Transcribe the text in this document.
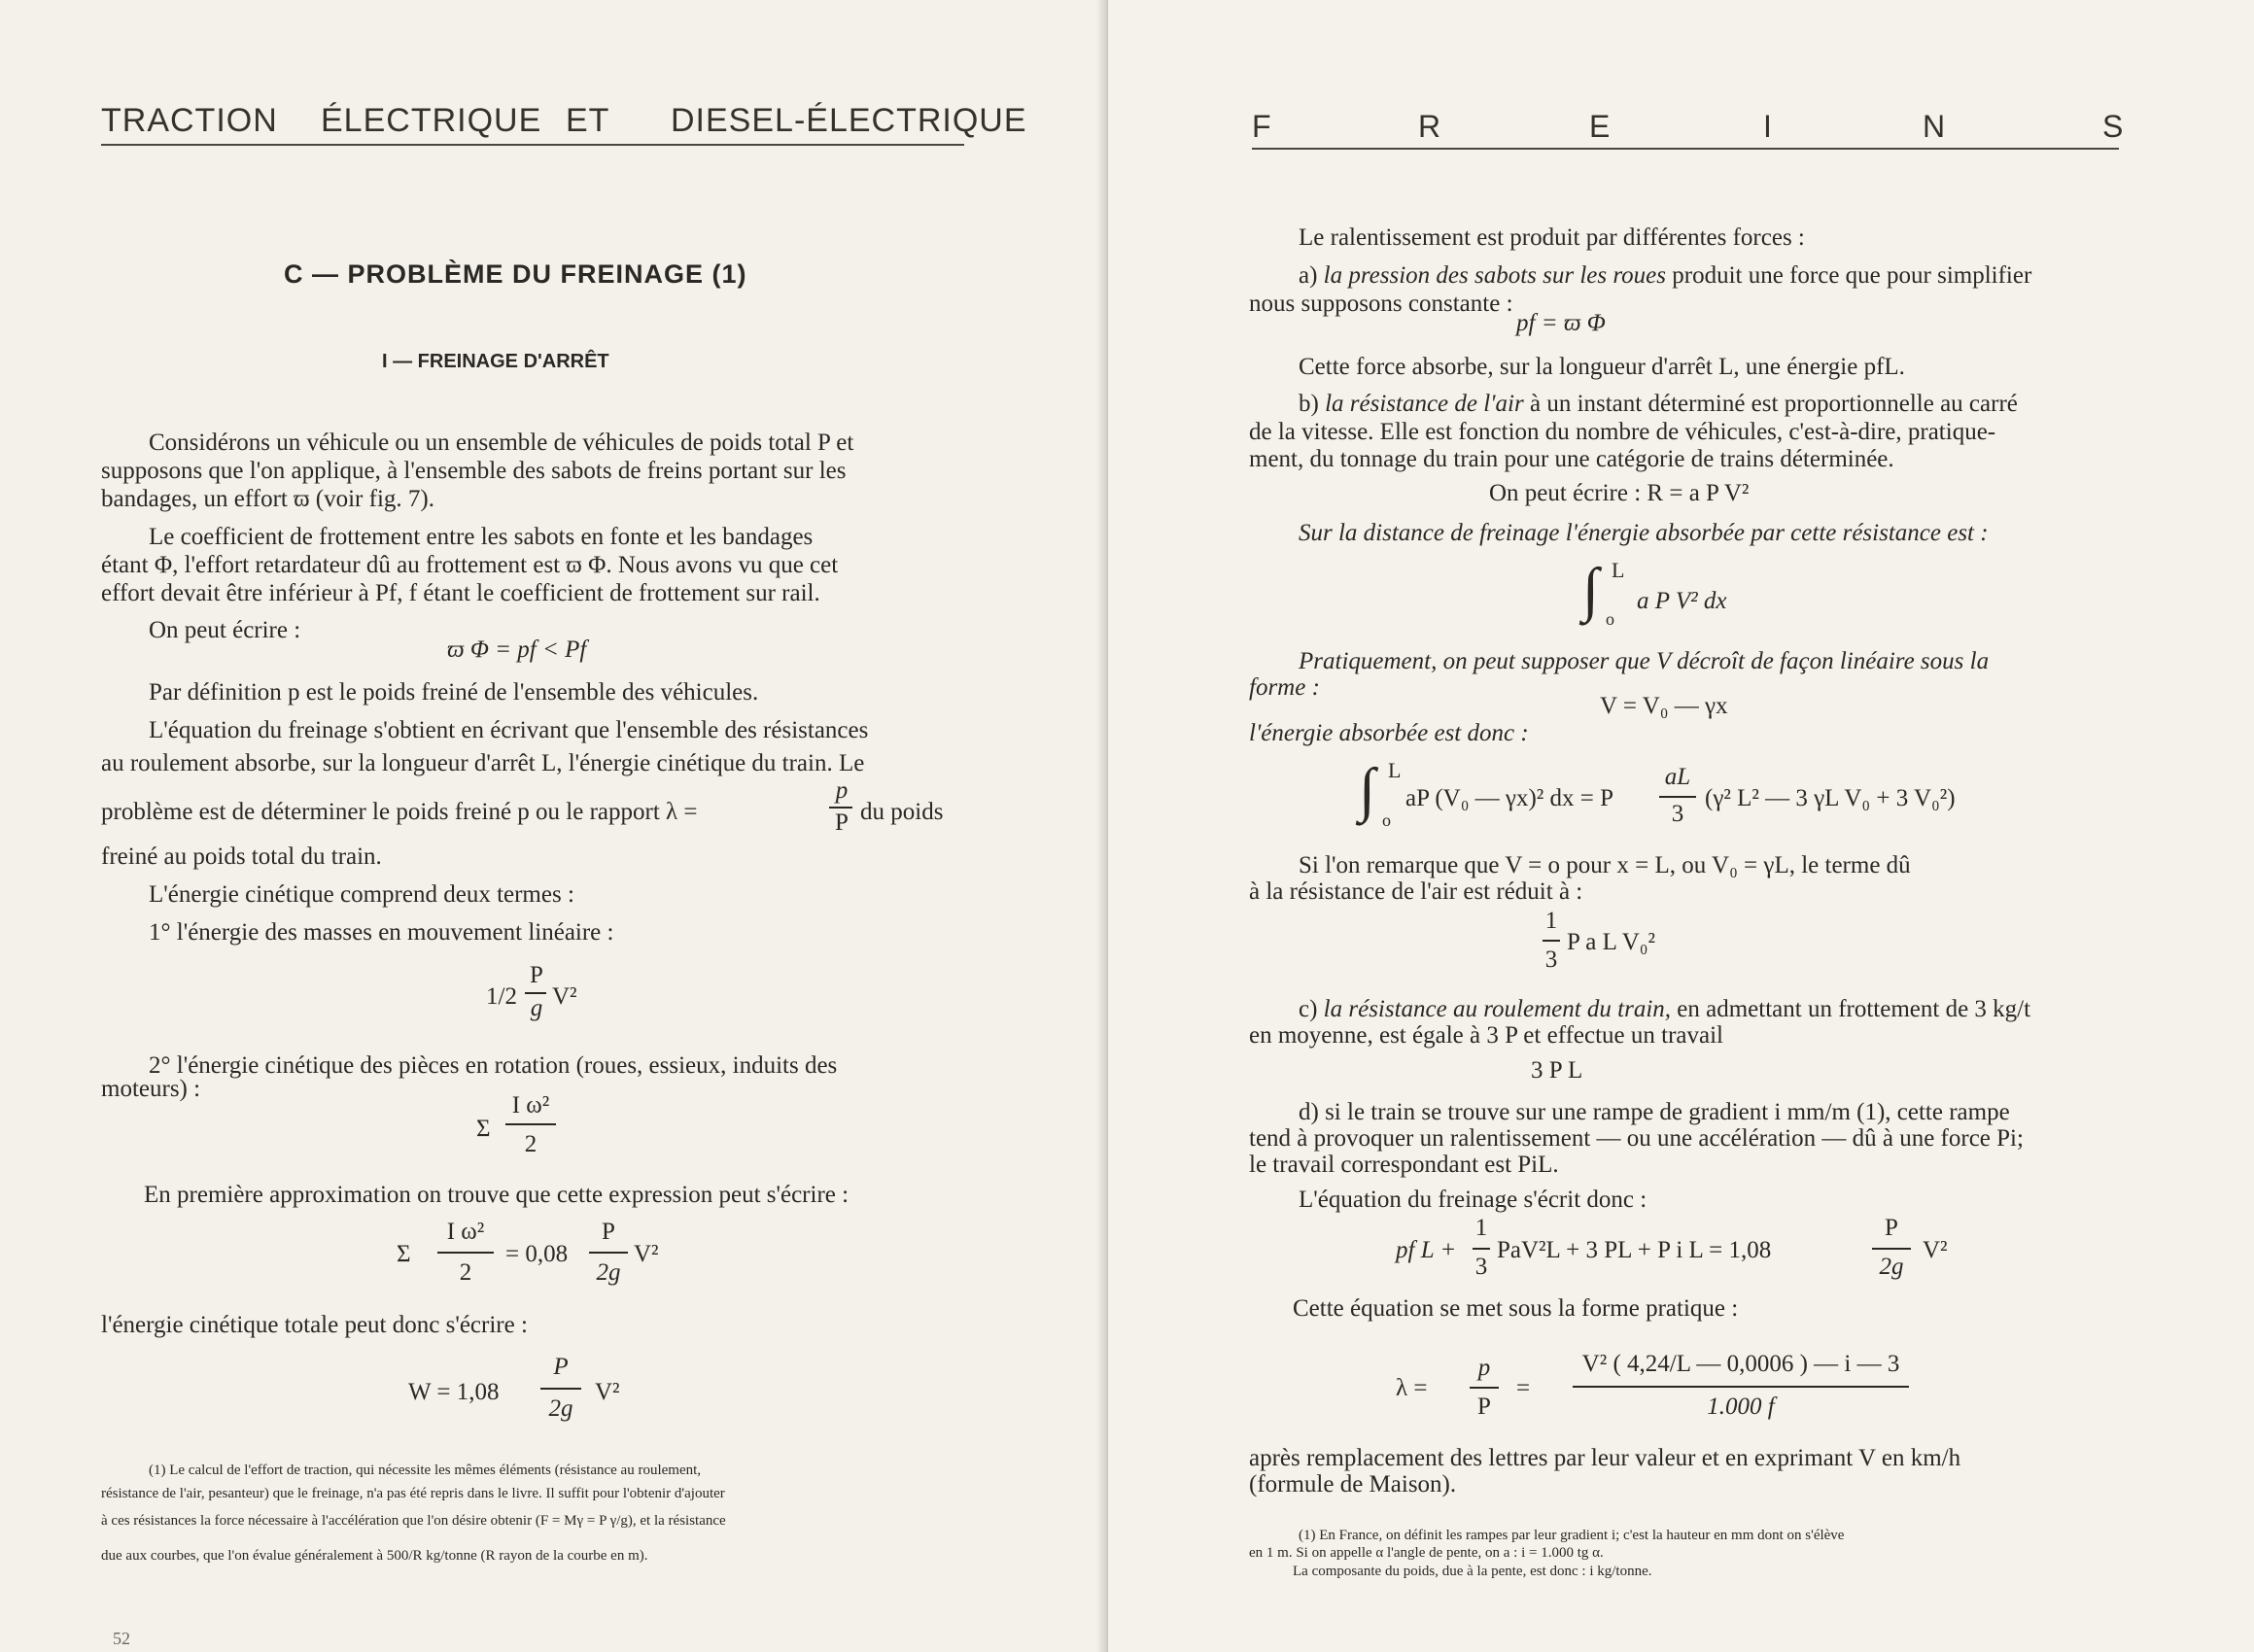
TRACTION ÉLECTRIQUE ET DIESEL-ÉLECTRIQUE
C — PROBLÈME DU FREINAGE (1)
I — FREINAGE D'ARRÊT
Considérons un véhicule ou un ensemble de véhicules de poids total P et
supposons que l'on applique, à l'ensemble des sabots de freins portant sur les
bandages, un effort ϖ (voir fig. 7).
Le coefficient de frottement entre les sabots en fonte et les bandages
étant Φ, l'effort retardateur dû au frottement est ϖ Φ. Nous avons vu que cet
effort devait être inférieur à Pf, f étant le coefficient de frottement sur rail.
On peut écrire :
ϖ Φ = pf < Pf
Par définition p est le poids freiné de l'ensemble des véhicules.
L'équation du freinage s'obtient en écrivant que l'ensemble des résistances
au roulement absorbe, sur la longueur d'arrêt L, l'énergie cinétique du train. Le
problème est de déterminer le poids freiné p ou le rapport λ =
p
P du poids
freiné au poids total du train.
L'énergie cinétique comprend deux termes :
1° l'énergie des masses en mouvement linéaire :
1/2
P
g V²
2° l'énergie cinétique des pièces en rotation (roues, essieux, induits des
moteurs) :
Σ
I ω²
2
En première approximation on trouve que cette expression peut s'écrire :
Σ
I ω²
2
= 0,08
P
2g
V²
l'énergie cinétique totale peut donc s'écrire :
W = 1,08
P
2g
V²
(1) Le calcul de l'effort de traction, qui nécessite les mêmes éléments (résistance au roulement,
résistance de l'air, pesanteur) que le freinage, n'a pas été repris dans le livre. Il suffit pour l'obtenir d'ajouter
à ces résistances la force nécessaire à l'accélération que l'on désire obtenir (F = Mγ = P γ/g), et la résistance
due aux courbes, que l'on évalue généralement à 500/R kg/tonne (R rayon de la courbe en m).
52
F	R	E	I	N	S
Le ralentissement est produit par différentes forces :
a) la pression des sabots sur les roues produit une force que pour simplifier
nous supposons constante :
pf = ϖ Φ
Cette force absorbe, sur la longueur d'arrêt L, une énergie pfL.
b) la résistance de l'air à un instant déterminé est proportionnelle au carré
de la vitesse. Elle est fonction du nombre de véhicules, c'est-à-dire, pratique-
ment, du tonnage du train pour une catégorie de trains déterminée.
On peut écrire : R = a P V²
Sur la distance de freinage l'énergie absorbée par cette résistance est :
∫ L
o
a P V² dx
Pratiquement, on peut supposer que V décroît de façon linéaire sous la
forme :
V = V₀ — γx
l'énergie absorbée est donc :
∫ L
o
aP (V₀ — γx)² dx = P
aL
3
(γ² L² — 3 γL V₀ + 3 V₀²)
Si l'on remarque que V = o pour x = L, ou V₀ = γL, le terme dû
à la résistance de l'air est réduit à :
1
3
P a L V₀²
c) la résistance au roulement du train, en admettant un frottement de 3 kg/t
en moyenne, est égale à 3 P et effectue un travail
3 P L
d) si le train se trouve sur une rampe de gradient i mm/m (1), cette rampe
tend à provoquer un ralentissement — ou une accélération — dû à une force Pi;
le travail correspondant est PiL.
L'équation du freinage s'écrit donc :
pf L +
1
3
PaV²L + 3 PL + P i L = 1,08
P
2g
V²
Cette équation se met sous la forme pratique :
λ =
p
P
=
V² ( 4,24/L — 0,0006 ) — i — 3
1.000 f
après remplacement des lettres par leur valeur et en exprimant V en km/h
(formule de Maison).
(1) En France, on définit les rampes par leur gradient i; c'est la hauteur en mm dont on s'élève
en 1 m. Si on appelle α l'angle de pente, on a : i = 1.000 tg α.
La composante du poids, due à la pente, est donc : i kg/tonne.
